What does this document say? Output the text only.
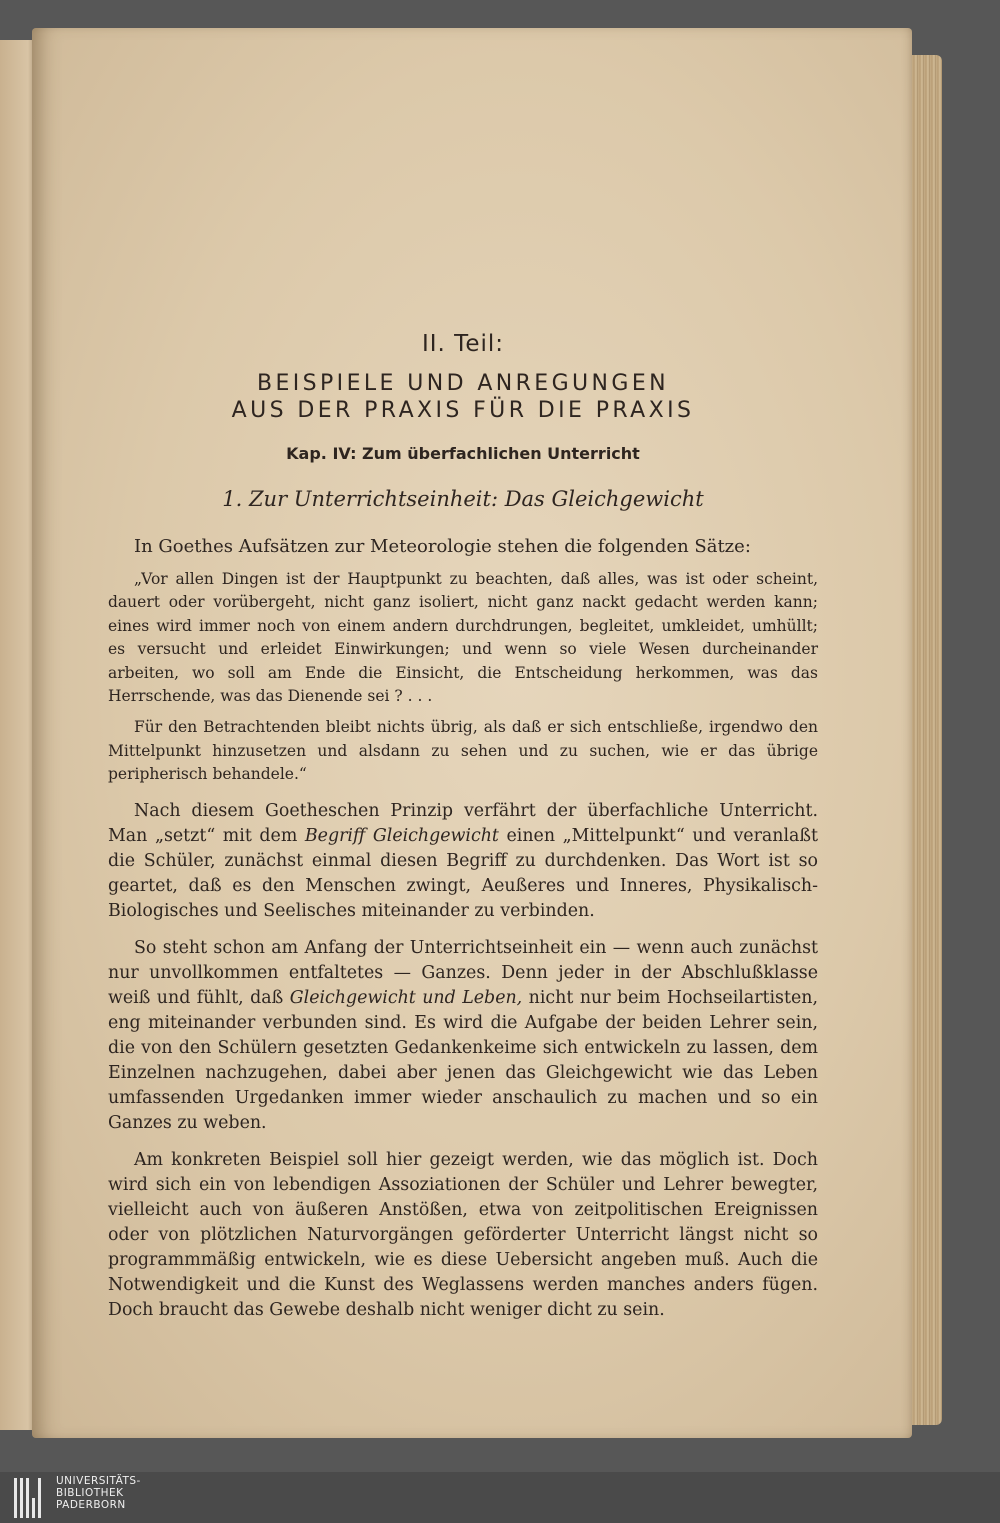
II. Teil:

BEISPIELE UND ANREGUNGEN
AUS DER PRAXIS FÜR DIE PRAXIS

Kap. IV: Zum überfachlichen Unterricht

1. Zur Unterrichtseinheit: Das Gleichgewicht

In Goethes Aufsätzen zur Meteorologie stehen die folgenden Sätze:

„Vor allen Dingen ist der Hauptpunkt zu beachten, daß alles, was ist oder scheint, dauert oder vorübergeht, nicht ganz isoliert, nicht ganz nackt gedacht werden kann; eines wird immer noch von einem andern durchdrungen, begleitet, umkleidet, umhüllt; es versucht und erleidet Einwirkungen; und wenn so viele Wesen durcheinander arbeiten, wo soll am Ende die Einsicht, die Entscheidung herkommen, was das Herrschende, was das Dienende sei ? . . .

Für den Betrachtenden bleibt nichts übrig, als daß er sich entschließe, irgendwo den Mittelpunkt hinzusetzen und alsdann zu sehen und zu suchen, wie er das übrige peripherisch behandele.“

Nach diesem Goetheschen Prinzip verfährt der überfachliche Unterricht. Man „setzt“ mit dem Begriff Gleichgewicht einen „Mittelpunkt“ und veranlaßt die Schüler, zunächst einmal diesen Begriff zu durchdenken. Das Wort ist so geartet, daß es den Menschen zwingt, Aeußeres und Inneres, Physikalisch-Biologisches und Seelisches miteinander zu verbinden.

So steht schon am Anfang der Unterrichtseinheit ein — wenn auch zunächst nur unvollkommen entfaltetes — Ganzes. Denn jeder in der Abschlußklasse weiß und fühlt, daß Gleichgewicht und Leben, nicht nur beim Hochseilartisten, eng miteinander verbunden sind. Es wird die Aufgabe der beiden Lehrer sein, die von den Schülern gesetzten Gedankenkeime sich entwickeln zu lassen, dem Einzelnen nachzugehen, dabei aber jenen das Gleichgewicht wie das Leben umfassenden Urgedanken immer wieder anschaulich zu machen und so ein Ganzes zu weben.

Am konkreten Beispiel soll hier gezeigt werden, wie das möglich ist. Doch wird sich ein von lebendigen Assoziationen der Schüler und Lehrer bewegter, vielleicht auch von äußeren Anstößen, etwa von zeitpolitischen Ereignissen oder von plötzlichen Naturvorgängen geförderter Unterricht längst nicht so programmmäßig entwickeln, wie es diese Uebersicht angeben muß. Auch die Notwendigkeit und die Kunst des Weglassens werden manches anders fügen. Doch braucht das Gewebe deshalb nicht weniger dicht zu sein.

UNIVERSITÄTS-
BIBLIOTHEK
PADERBORN
